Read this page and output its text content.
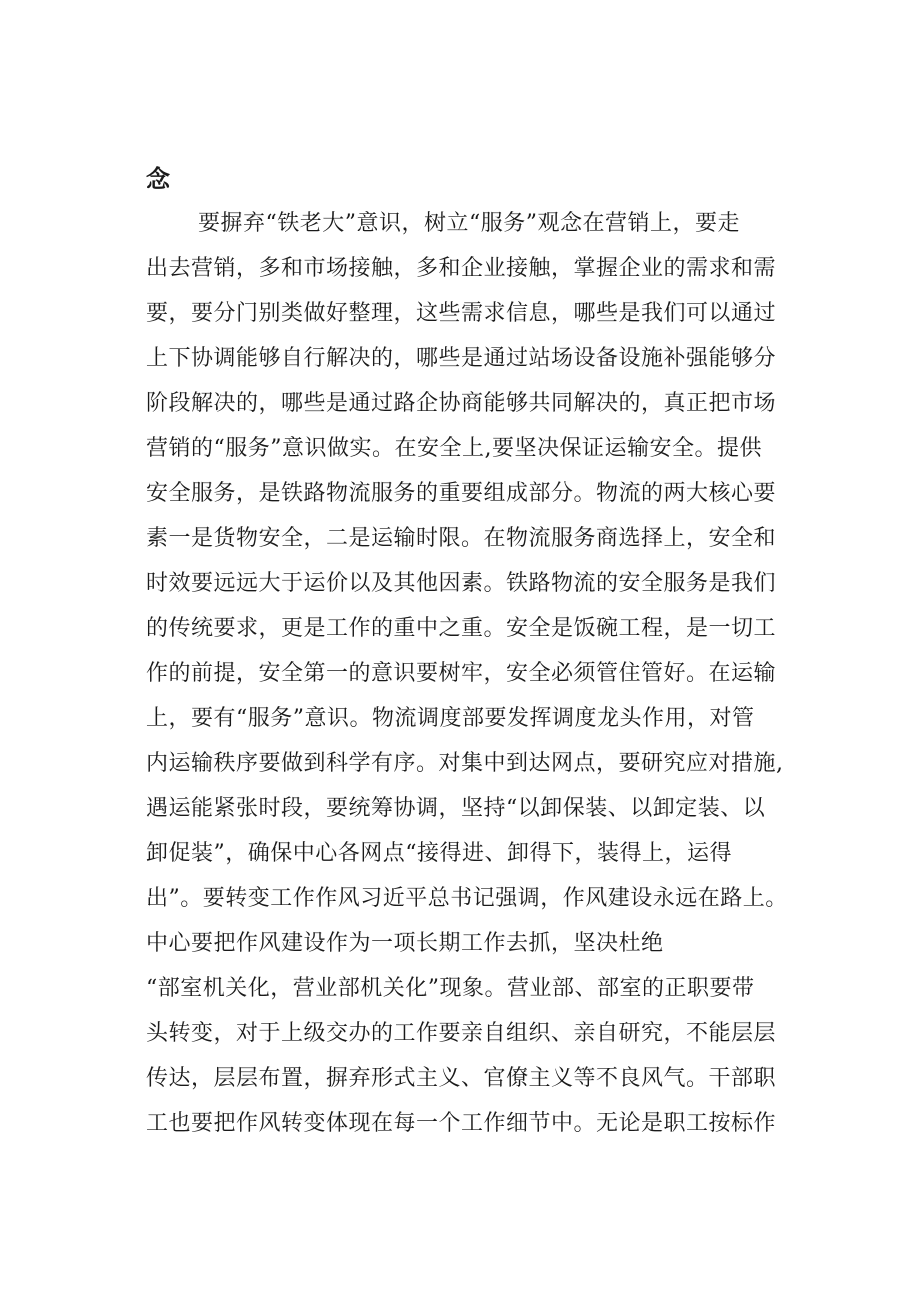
念
要摒弃“铁老大”意识，树立“服务”观念在营销上，要走
出去营销，多和市场接触，多和企业接触，掌握企业的需求和需
要，要分门别类做好整理，这些需求信息，哪些是我们可以通过
上下协调能够自行解决的，哪些是通过站场设备设施补强能够分
阶段解决的，哪些是通过路企协商能够共同解决的，真正把市场
营销的“服务”意识做实。在安全上,要坚决保证运输安全。提供
安全服务，是铁路物流服务的重要组成部分。物流的两大核心要
素一是货物安全，二是运输时限。在物流服务商选择上，安全和
时效要远远大于运价以及其他因素。铁路物流的安全服务是我们
的传统要求，更是工作的重中之重。安全是饭碗工程，是一切工
作的前提，安全第一的意识要树牢，安全必须管住管好。在运输
上，要有“服务”意识。物流调度部要发挥调度龙头作用，对管
内运输秩序要做到科学有序。对集中到达网点，要研究应对措施,
遇运能紧张时段，要统筹协调，坚持“以卸保装、以卸定装、以
卸促装”，确保中心各网点“接得进、卸得下，装得上，运得
出”。要转变工作作风习近平总书记强调，作风建设永远在路上。
中心要把作风建设作为一项长期工作去抓，坚决杜绝
“部室机关化，营业部机关化”现象。营业部、部室的正职要带
头转变，对于上级交办的工作要亲自组织、亲自研究，不能层层
传达，层层布置，摒弃形式主义、官僚主义等不良风气。干部职
工也要把作风转变体现在每一个工作细节中。无论是职工按标作
